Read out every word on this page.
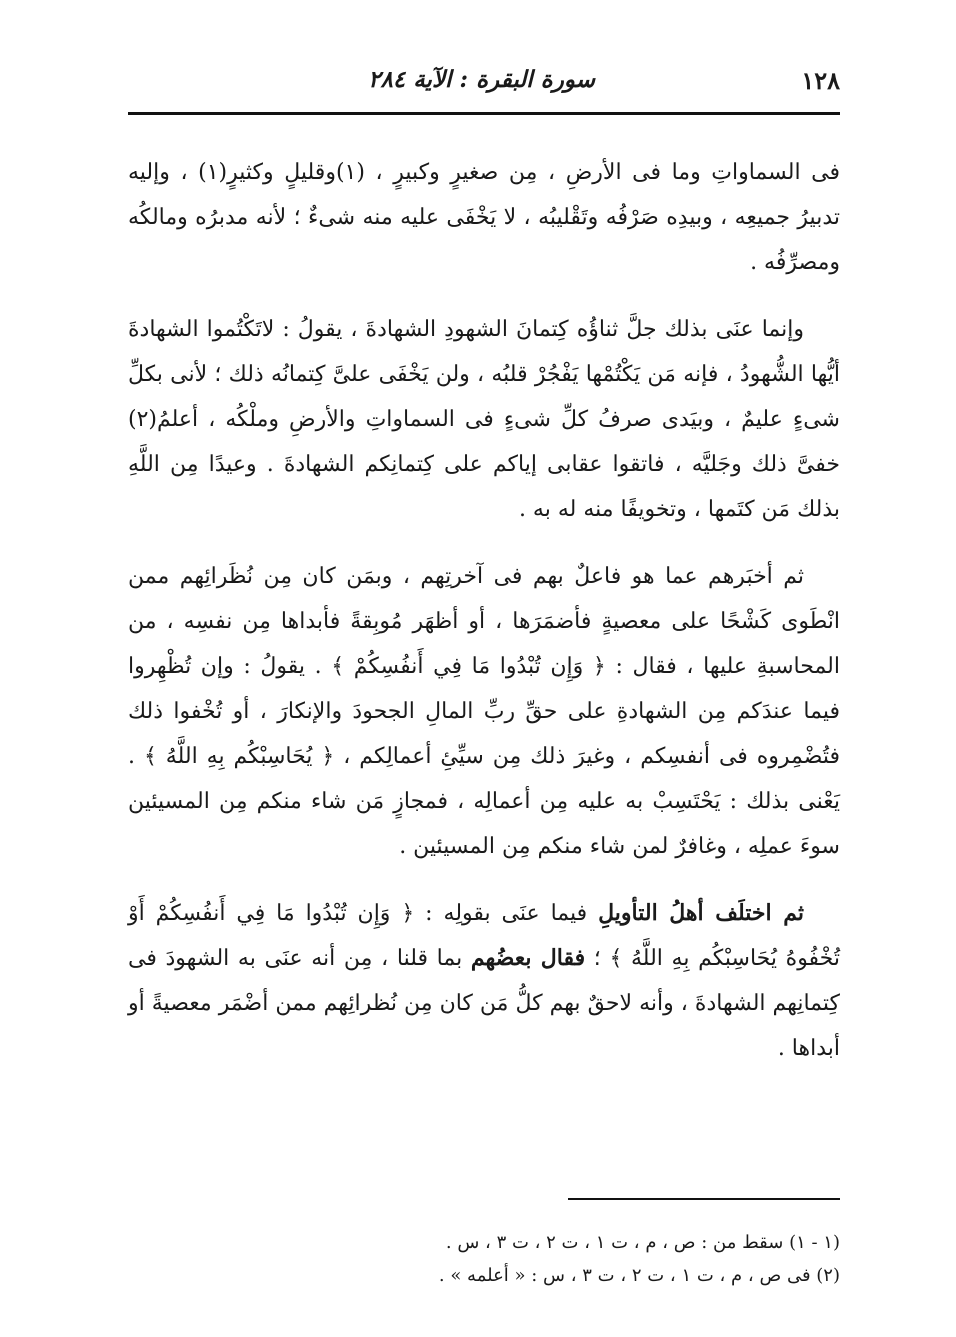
١٢٨
سورة البقرة : الآية ٢٨٤

فى السماواتِ وما فى الأرضِ ، مِن صغيرٍ وكبيرٍ ، (١)وقليلٍ وكثيرٍ(١) ، وإليه تدبيرُ جميعِه ، وبيدِه صَرْفُه وتَقْليبُه ، لا يَخْفَى عليه منه شىءٌ ؛ لأنه مدبرُه ومالكُه ومصرِّفُه .

وإنما عنَى بذلك جلَّ ثناؤُه كِتمانَ الشهودِ الشهادةَ ، يقولُ : لاتَكْتُموا الشهادةَ أيُّها الشُّهودُ ، فإنه مَن يَكْتُمْها يَفْجُرْ قلبُه ، ولن يَخْفَى علىَّ كِتمانُه ذلك ؛ لأنى بكلِّ شىءٍ عليمٌ ، وبيَدى صرفُ كلِّ شىءٍ فى السماواتِ والأرضِ وملْكُه ، أعلمُ(٢) خفىَّ ذلك وجَليَّه ، فاتقوا عقابى إياكم على كِتمانِكم الشهادةَ . وعيدًا مِن اللَّهِ بذلك مَن كتَمها ، وتخويفًا منه له به .

ثم أخبَرهم عما هو فاعلٌ بهم فى آخرتِهم ، وبمَن كان مِن نُظَرائِهم ممن انْطَوى كَشْحًا على معصيةٍ فأضمَرَها ، أو أظهَر مُوبِقةً فأبداها مِن نفسِه ، من المحاسبةِ عليها ، فقال : ﴿ وَإِن تُبْدُوا مَا فِي أَنفُسِكُمْ ﴾ . يقولُ : وإن تُظْهِروا فيما عندَكم مِن الشهادةِ على حقِّ ربِّ المالِ الجحودَ والإنكارَ ، أو تُخْفوا ذلك فتُضْمِروه فى أنفسِكم ، وغيرَ ذلك مِن سيِّئِ أعمالِكم ، ﴿ يُحَاسِبْكُم بِهِ اللَّهُ ﴾ . يَعْنى بذلك : يَحْتَسِبْ به عليه مِن أعمالِه ، فمجازٍ مَن شاء منكم مِن المسيئين سوءَ عملِه ، وغافرٌ لمن شاء منكم مِن المسيئين .

ثم اختلَف أهلُ التأويلِ فيما عنَى بقولِه : ﴿ وَإِن تُبْدُوا مَا فِي أَنفُسِكُمْ أَوْ تُخْفُوهُ يُحَاسِبْكُم بِهِ اللَّهُ ﴾ ؛ فقال بعضُهم بما قلنا ، مِن أنه عنَى به الشهودَ فى كِتمانِهم الشهادةَ ، وأنه لاحقٌ بهم كلُّ مَن كان مِن نُظرائِهم ممن أضْمَر معصيةً أو أبداها .

(١ - ١) سقط من : ص ، م ، ت ١ ، ت ٢ ، ت ٣ ، س .

(٢) فى ص ، م ، ت ١ ، ت ٢ ، ت ٣ ، س : « أعلمه » .
